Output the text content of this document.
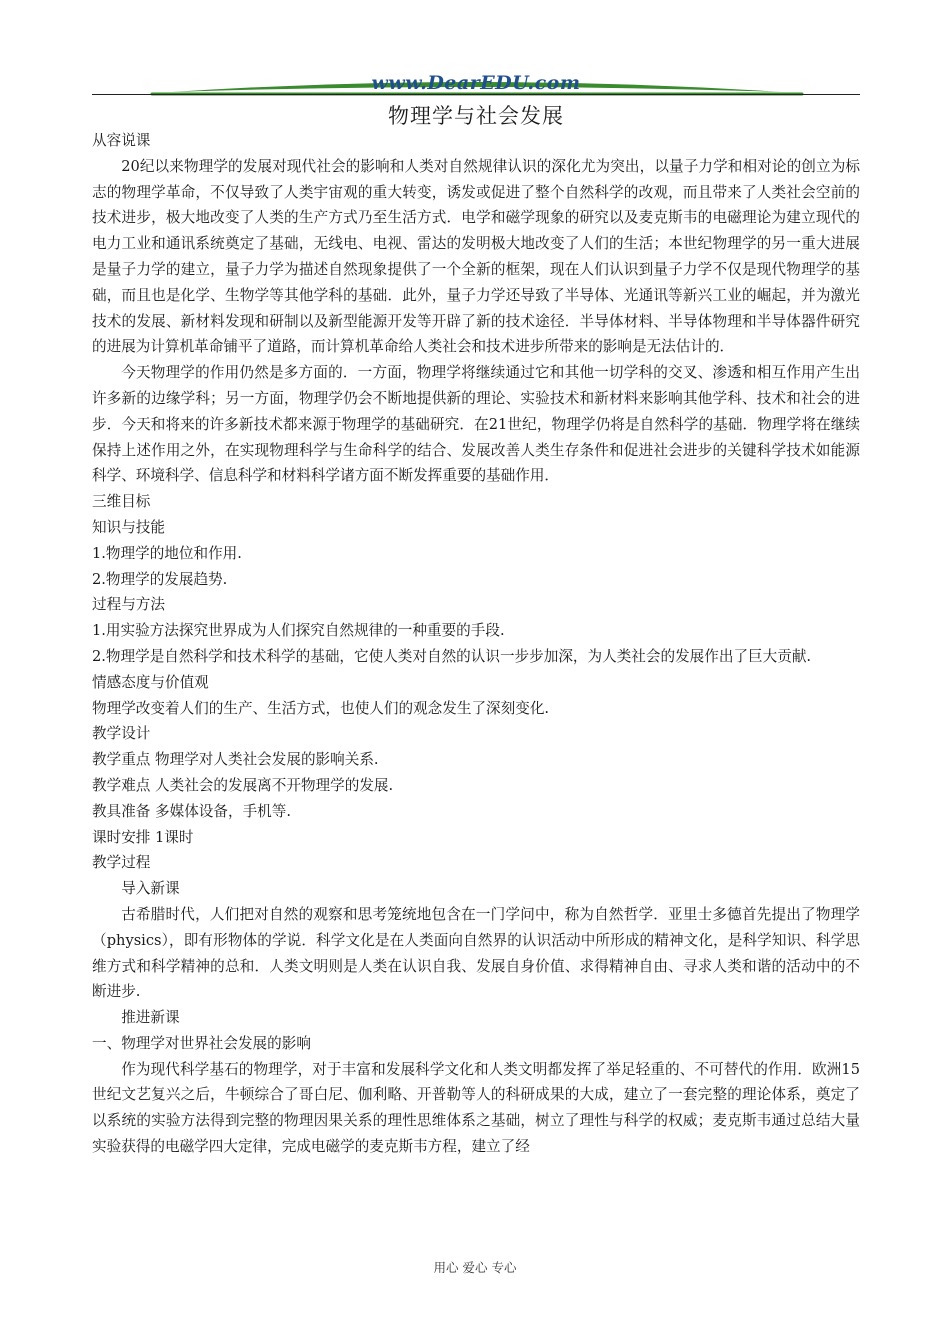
www.DearEDU.com
物理学与社会发展

从容说课

20纪以来物理学的发展对现代社会的影响和人类对自然规律认识的深化尤为突出，以量子力学和相对论的创立为标志的物理学革命，不仅导致了人类宇宙观的重大转变，诱发或促进了整个自然科学的改观，而且带来了人类社会空前的技术进步，极大地改变了人类的生产方式乃至生活方式．电学和磁学现象的研究以及麦克斯韦的电磁理论为建立现代的电力工业和通讯系统奠定了基础，无线电、电视、雷达的发明极大地改变了人们的生活；本世纪物理学的另一重大进展是量子力学的建立，量子力学为描述自然现象提供了一个全新的框架，现在人们认识到量子力学不仅是现代物理学的基础，而且也是化学、生物学等其他学科的基础．此外，量子力学还导致了半导体、光通讯等新兴工业的崛起，并为激光技术的发展、新材料发现和研制以及新型能源开发等开辟了新的技术途径．半导体材料、半导体物理和半导体器件研究的进展为计算机革命铺平了道路，而计算机革命给人类社会和技术进步所带来的影响是无法估计的．

今天物理学的作用仍然是多方面的．一方面，物理学将继续通过它和其他一切学科的交叉、渗透和相互作用产生出许多新的边缘学科；另一方面，物理学仍会不断地提供新的理论、实验技术和新材料来影响其他学科、技术和社会的进步．今天和将来的许多新技术都来源于物理学的基础研究．在21世纪，物理学仍将是自然科学的基础．物理学将在继续保持上述作用之外，在实现物理科学与生命科学的结合、发展改善人类生存条件和促进社会进步的关键科学技术如能源科学、环境科学、信息科学和材料科学诸方面不断发挥重要的基础作用．

三维目标

知识与技能

1.物理学的地位和作用.

2.物理学的发展趋势.

过程与方法

1.用实验方法探究世界成为人们探究自然规律的一种重要的手段.

2.物理学是自然科学和技术科学的基础，它使人类对自然的认识一步步加深，为人类社会的发展作出了巨大贡献.

情感态度与价值观

物理学改变着人们的生产、生活方式，也使人们的观念发生了深刻变化.

教学设计

教学重点 物理学对人类社会发展的影响关系.

教学难点 人类社会的发展离不开物理学的发展.

教具准备 多媒体设备，手机等.

课时安排 1课时

教学过程

导入新课

古希腊时代，人们把对自然的观察和思考笼统地包含在一门学问中，称为自然哲学．亚里士多德首先提出了物理学（physics），即有形物体的学说．科学文化是在人类面向自然界的认识活动中所形成的精神文化，是科学知识、科学思维方式和科学精神的总和．人类文明则是人类在认识自我、发展自身价值、求得精神自由、寻求人类和谐的活动中的不断进步.

推进新课

一、物理学对世界社会发展的影响

作为现代科学基石的物理学，对于丰富和发展科学文化和人类文明都发挥了举足轻重的、不可替代的作用．欧洲15世纪文艺复兴之后，牛顿综合了哥白尼、伽利略、开普勒等人的科研成果的大成，建立了一套完整的理论体系，奠定了以系统的实验方法得到完整的物理因果关系的理性思维体系之基础，树立了理性与科学的权威；麦克斯韦通过总结大量实验获得的电磁学四大定律，完成电磁学的麦克斯韦方程，建立了经

用心 爱心 专心
